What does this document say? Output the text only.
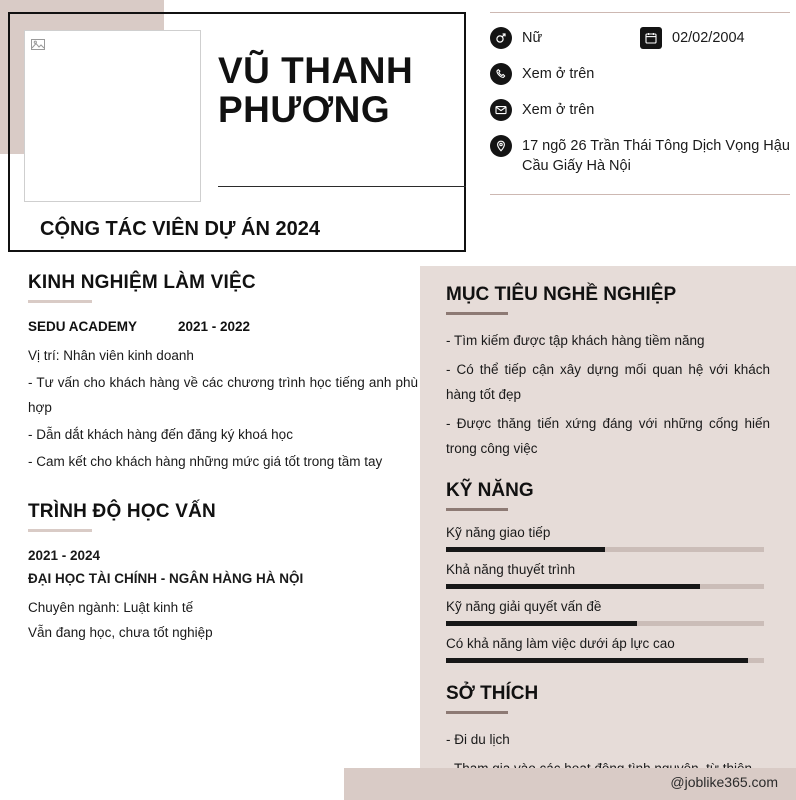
VŨ THANH
PHƯƠNG
CỘNG TÁC VIÊN DỰ ÁN 2024
Nữ	02/02/2004
Xem ở trên
Xem ở trên
17 ngõ 26 Trần Thái Tông Dịch Vọng Hậu Cầu Giấy Hà Nội
KINH NGHIỆM LÀM VIỆC
SEDU ACADEMY	2021 - 2022

Vị trí: Nhân viên kinh doanh

- Tư vấn cho khách hàng về các chương trình học tiếng anh phù hợp

- Dẫn dắt khách hàng đến đăng ký khoá học

- Cam kết cho khách hàng những mức giá tốt trong tầm tay

TRÌNH ĐỘ HỌC VẤN
2021 - 2024
ĐẠI HỌC TÀI CHÍNH - NGÂN HÀNG HÀ NỘI
Chuyên ngành: Luật kinh tế
Vẫn đang học, chưa tốt nghiệp
MỤC TIÊU NGHỀ NGHIỆP

- Tìm kiếm được tập khách hàng tiềm năng

- Có thể tiếp cận xây dựng mối quan hệ với khách hàng tốt đẹp

- Được thăng tiến xứng đáng với những cống hiến trong công việc

KỸ NĂNG
Kỹ năng giao tiếp
Khả năng thuyết trình
Kỹ năng giải quyết vấn đề
Có khả năng làm việc dưới áp lực cao
SỞ THÍCH

- Đi du lịch

@joblike365.com
